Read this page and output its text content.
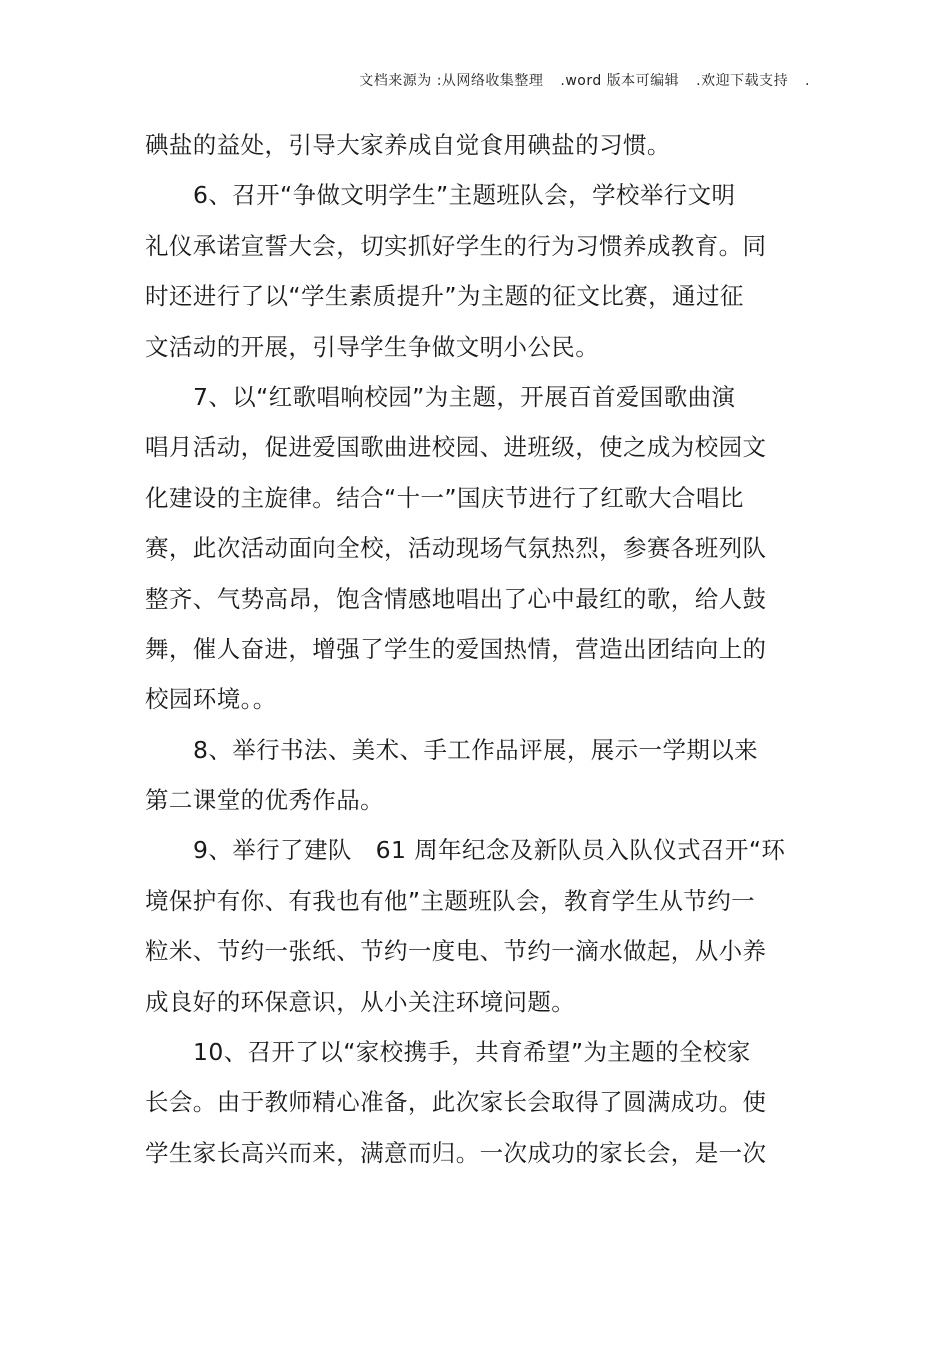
文档来源为 :从网络收集整理 .word 版本可编辑 .欢迎下载支持 .
碘盐的益处，引导大家养成自觉食用碘盐的习惯。
6、召开“争做文明学生”主题班队会，学校举行文明
礼仪承诺宣誓大会，切实抓好学生的行为习惯养成教育。同
时还进行了以“学生素质提升”为主题的征文比赛，通过征
文活动的开展，引导学生争做文明小公民。
7、以“红歌唱响校园”为主题，开展百首爱国歌曲演
唱月活动，促进爱国歌曲进校园、进班级，使之成为校园文
化建设的主旋律。结合“十一”国庆节进行了红歌大合唱比
赛，此次活动面向全校，活动现场气氛热烈，参赛各班列队
整齐、气势高昂，饱含情感地唱出了心中最红的歌，给人鼓
舞，催人奋进，增强了学生的爱国热情，营造出团结向上的
校园环境。。
8、举行书法、美术、手工作品评展，展示一学期以来
第二课堂的优秀作品。
9、举行了建队　61 周年纪念及新队员入队仪式召开“环
境保护有你、有我也有他”主题班队会，教育学生从节约一
粒米、节约一张纸、节约一度电、节约一滴水做起，从小养
成良好的环保意识，从小关注环境问题。
10、召开了以“家校携手，共育希望”为主题的全校家
长会。由于教师精心准备，此次家长会取得了圆满成功。使
学生家长高兴而来，满意而归。一次成功的家长会，是一次
